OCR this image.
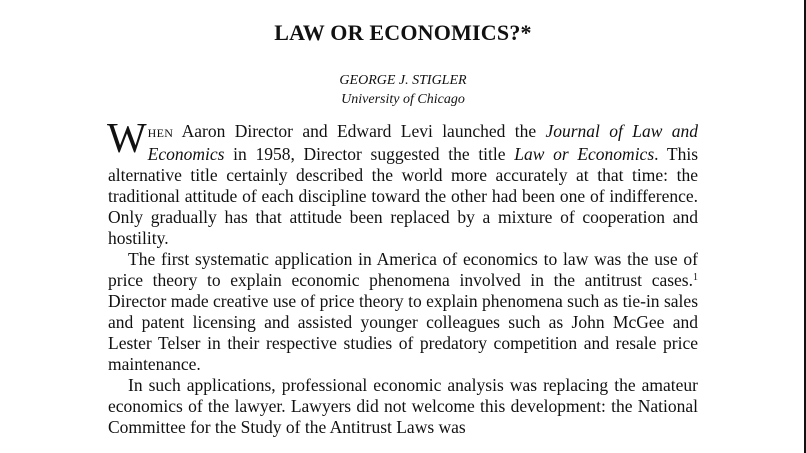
LAW OR ECONOMICS?*
GEORGE J. STIGLER
University of Chicago

WHEN Aaron Director and Edward Levi launched the Journal of Law and Economics in 1958, Director suggested the title Law or Economics. This alternative title certainly described the world more accurately at that time: the traditional attitude of each discipline toward the other had been one of indifference. Only gradually has that attitude been replaced by a mixture of cooperation and hostility.

The first systematic application in America of economics to law was the use of price theory to explain economic phenomena involved in the antitrust cases.$^1$ Director made creative use of price theory to explain phenomena such as tie-in sales and patent licensing and assisted younger colleagues such as John McGee and Lester Telser in their respective studies of predatory competition and resale price maintenance.

In such applications, professional economic analysis was replacing the amateur economics of the lawyer. Lawyers did not welcome this development: the National Committee for the Study of the Antitrust Laws was
